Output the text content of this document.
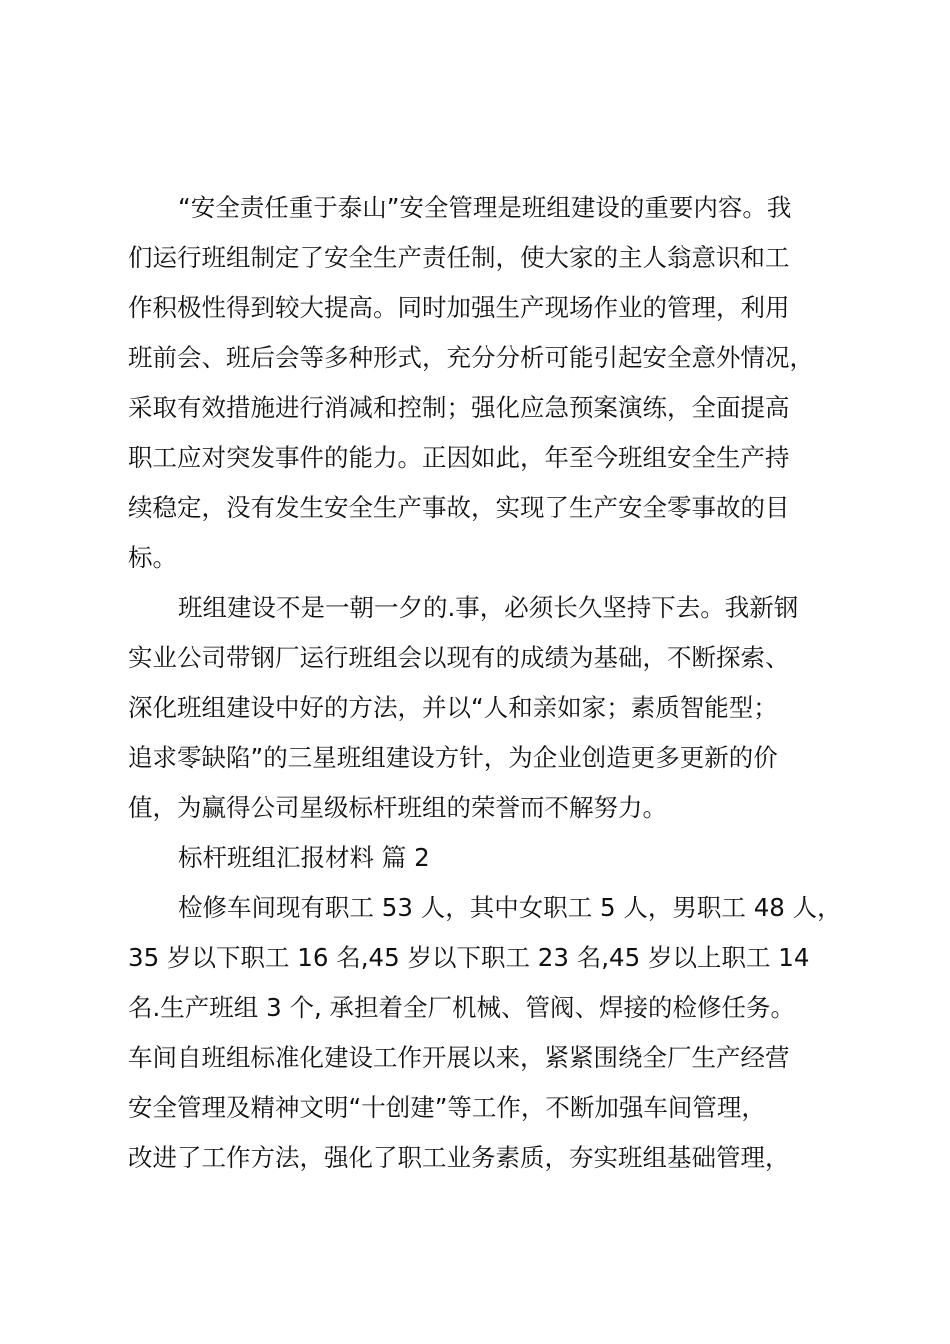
“安全责任重于泰山”安全管理是班组建设的重要内容。我
们运行班组制定了安全生产责任制，使大家的主人翁意识和工
作积极性得到较大提高。同时加强生产现场作业的管理，利用
班前会、班后会等多种形式，充分分析可能引起安全意外情况，
采取有效措施进行消减和控制；强化应急预案演练，全面提高
职工应对突发事件的能力。正因如此，年至今班组安全生产持
续稳定，没有发生安全生产事故，实现了生产安全零事故的目
标。
班组建设不是一朝一夕的.事，必须长久坚持下去。我新钢
实业公司带钢厂运行班组会以现有的成绩为基础，不断探索、
深化班组建设中好的方法，并以“人和亲如家；素质智能型；
追求零缺陷”的三星班组建设方针，为企业创造更多更新的价
值，为赢得公司星级标杆班组的荣誉而不解努力。
标杆班组汇报材料 篇 2
检修车间现有职工 53 人，其中女职工 5 人，男职工 48 人，
35 岁以下职工 16 名,45 岁以下职工 23 名,45 岁以上职工 14
名.生产班组 3 个, 承担着全厂机械、管阀、焊接的检修任务。
车间自班组标准化建设工作开展以来，紧紧围绕全厂生产经营
安全管理及精神文明“十创建”等工作，不断加强车间管理，
改进了工作方法，强化了职工业务素质，夯实班组基础管理，
